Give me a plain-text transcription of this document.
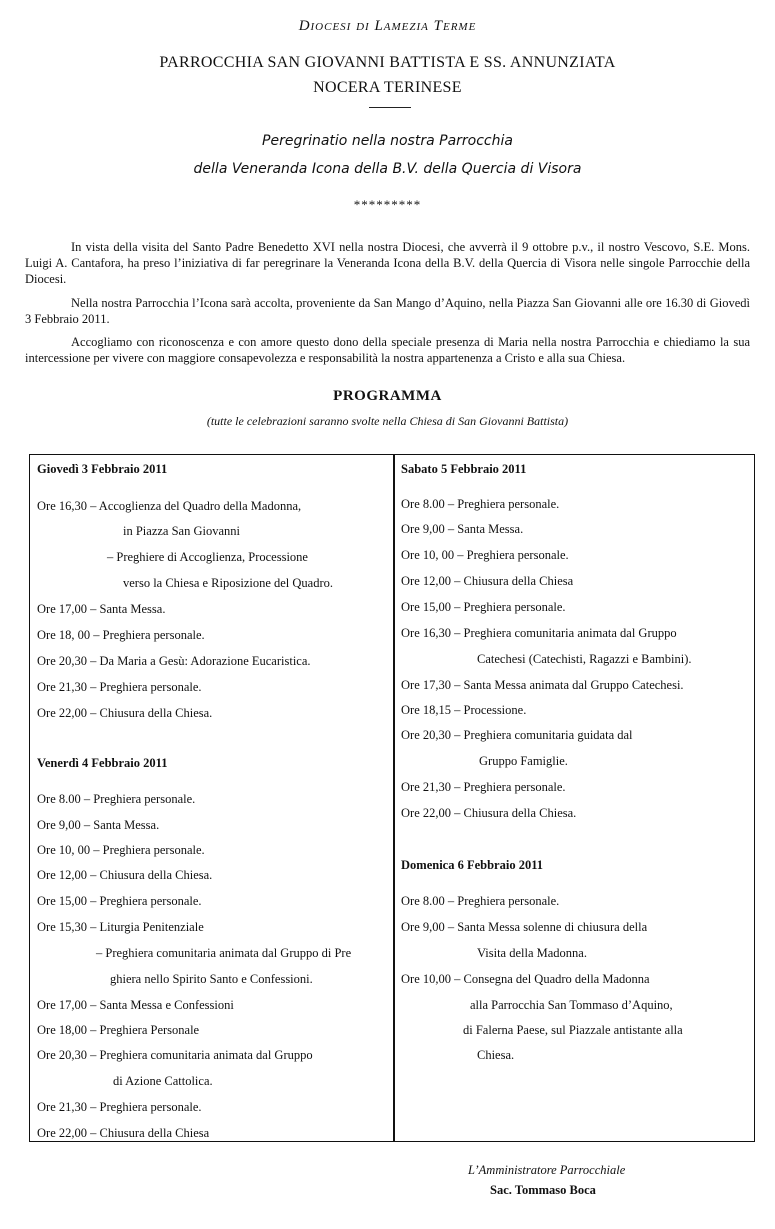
Diocesi di Lamezia Terme
PARROCCHIA SAN GIOVANNI BATTISTA E SS. ANNUNZIATA
NOCERA TERINESE
Peregrinatio nella nostra Parrocchia
della Veneranda Icona della B.V. della Quercia di Visora
*********

In vista della visita del Santo Padre Benedetto XVI nella nostra Diocesi, che avverrà il 9 ottobre p.v., il nostro Vescovo, S.E. Mons. Luigi A. Cantafora, ha preso l’iniziativa di far peregrinare la Veneranda Icona della B.V. della Quercia di Visora nelle singole Parrocchie della Diocesi.

Nella nostra Parrocchia l’Icona sarà accolta, proveniente da San Mango d’Aquino, nella Piazza San Giovanni alle ore 16.30 di Giovedì 3 Febbraio 2011.

Accogliamo con riconoscenza e con amore questo dono della speciale presenza di Maria nella nostra Parrocchia e chiediamo la sua intercessione per vivere con maggiore consapevolezza e responsabilità la nostra appartenenza a Cristo e alla sua Chiesa.

PROGRAMMA
(tutte le celebrazioni saranno svolte nella Chiesa di San Giovanni Battista)
Giovedì 3 Febbraio 2011
Ore 16,30 – Accoglienza del Quadro della Madonna,
in Piazza San Giovanni
– Preghiere di Accoglienza, Processione
verso la Chiesa e Riposizione del Quadro.
Ore 17,00 – Santa Messa.
Ore 18, 00 – Preghiera personale.
Ore 20,30 – Da Maria a Gesù: Adorazione Eucaristica.
Ore 21,30 – Preghiera personale.
Ore 22,00 – Chiusura della Chiesa.
Venerdì 4 Febbraio 2011
Ore 8.00 – Preghiera personale.
Ore 9,00 – Santa Messa.
Ore 10, 00 – Preghiera personale.
Ore 12,00 – Chiusura della Chiesa.
Ore 15,00 – Preghiera personale.
Ore 15,30 – Liturgia Penitenziale
– Preghiera comunitaria animata dal Gruppo di Pre
ghiera nello Spirito Santo e Confessioni.
Ore 17,00 – Santa Messa e Confessioni
Ore 18,00 – Preghiera Personale
Ore 20,30 – Preghiera comunitaria animata dal Gruppo
di Azione Cattolica.
Ore 21,30 – Preghiera personale.
Ore 22,00 – Chiusura della Chiesa
Sabato 5 Febbraio 2011
Ore 8.00 – Preghiera personale.
Ore 9,00 – Santa Messa.
Ore 10, 00 – Preghiera personale.
Ore 12,00 – Chiusura della Chiesa
Ore 15,00 – Preghiera personale.
Ore 16,30 – Preghiera comunitaria animata dal Gruppo
Catechesi (Catechisti, Ragazzi e Bambini).
Ore 17,30 – Santa Messa animata dal Gruppo Catechesi.
Ore 18,15 – Processione.
Ore 20,30 – Preghiera comunitaria guidata dal
Gruppo Famiglie.
Ore 21,30 – Preghiera personale.
Ore 22,00 – Chiusura della Chiesa.
Domenica 6 Febbraio 2011
Ore 8.00 – Preghiera personale.
Ore 9,00 – Santa Messa solenne di chiusura della
Visita della Madonna.
Ore 10,00 – Consegna del Quadro della Madonna
alla Parrocchia San Tommaso d’Aquino,
di Falerna Paese, sul Piazzale antistante alla
Chiesa.
L’Amministratore Parrocchiale
Sac. Tommaso Boca
